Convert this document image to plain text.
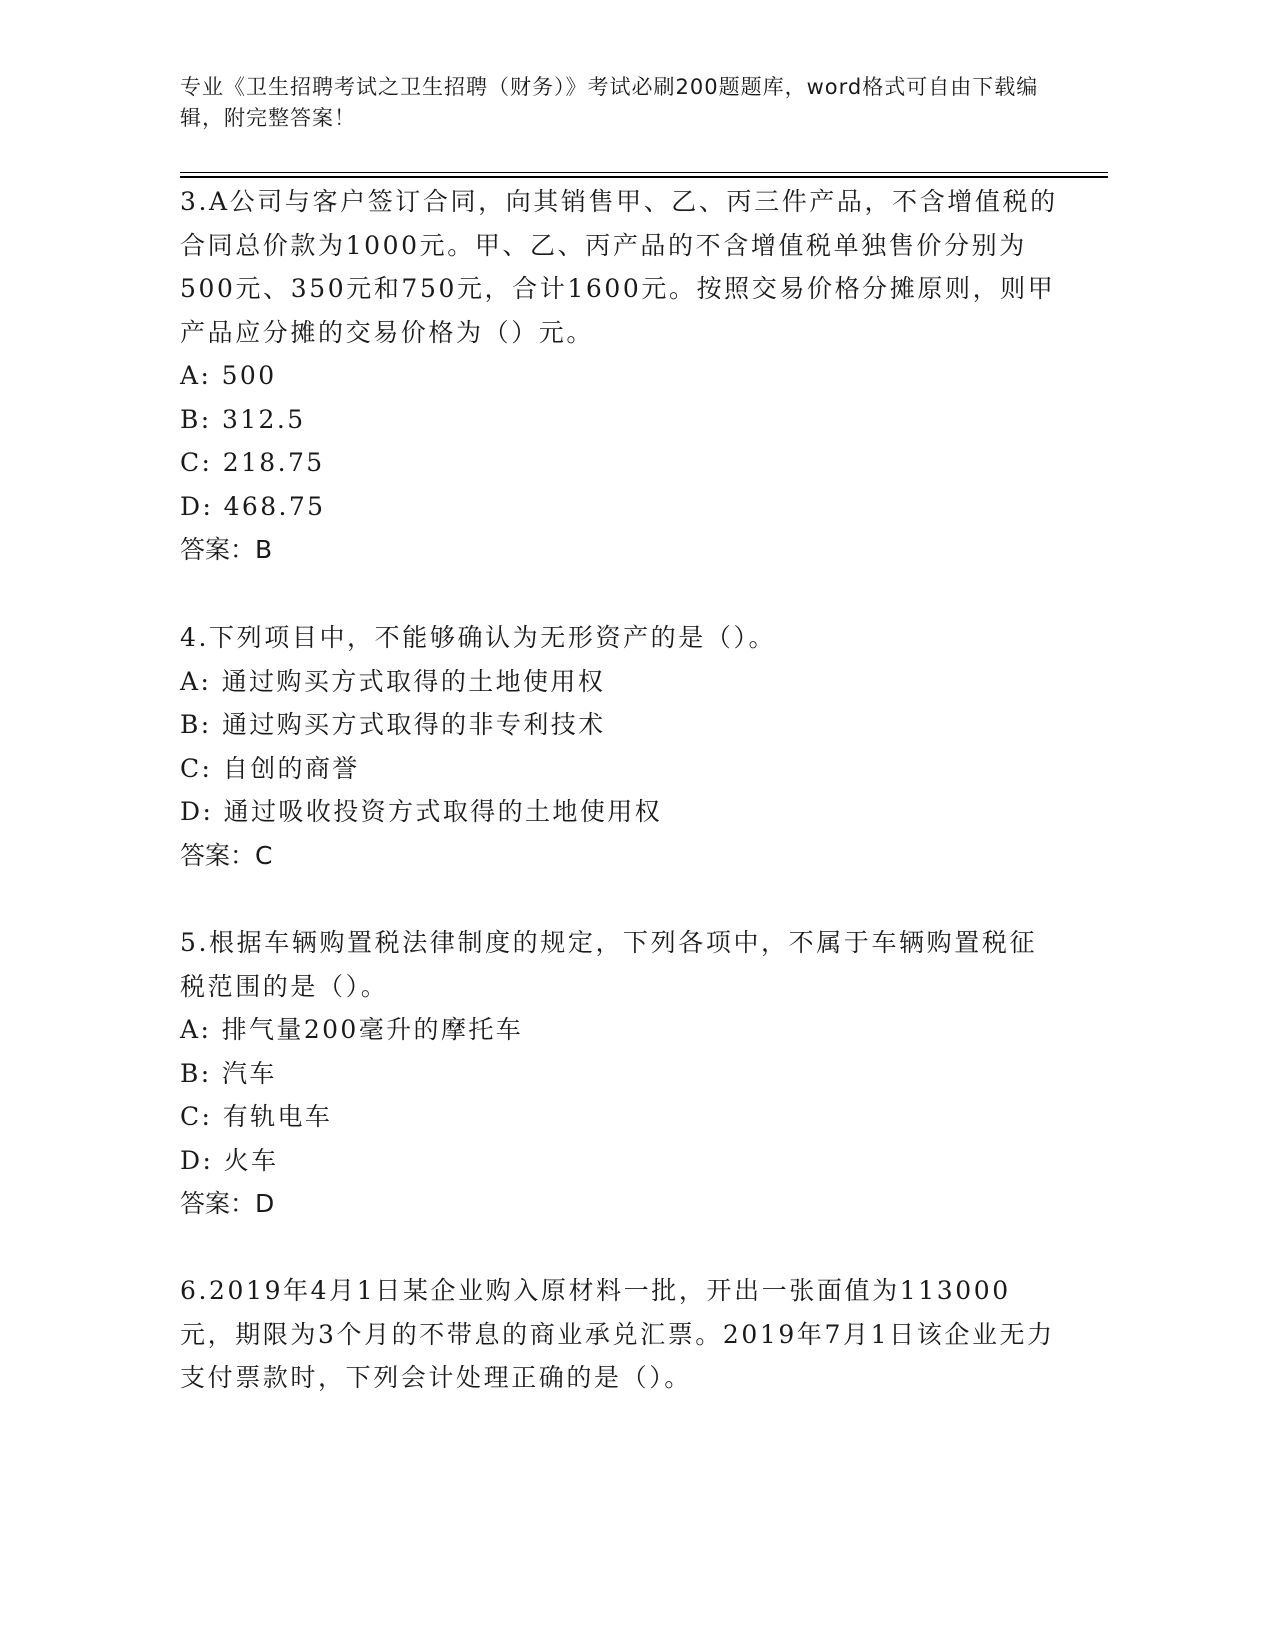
专业《卫生招聘考试之卫生招聘（财务）》考试必刷200题题库，word格式可自由下载编辑，附完整答案！
3.A公司与客户签订合同，向其销售甲、乙、丙三件产品，不含增值税的合同总价款为1000元。甲、乙、丙产品的不含增值税单独售价分别为500元、350元和750元，合计1600元。按照交易价格分摊原则，则甲产品应分摊的交易价格为（）元。
A: 500
B: 312.5
C: 218.75
D: 468.75
答案：B
4.下列项目中，不能够确认为无形资产的是（）。
A: 通过购买方式取得的土地使用权
B: 通过购买方式取得的非专利技术
C: 自创的商誉
D: 通过吸收投资方式取得的土地使用权
答案：C
5.根据车辆购置税法律制度的规定，下列各项中，不属于车辆购置税征税范围的是（）。
A: 排气量200毫升的摩托车
B: 汽车
C: 有轨电车
D: 火车
答案：D
6.2019年4月1日某企业购入原材料一批，开出一张面值为113000元，期限为3个月的不带息的商业承兑汇票。2019年7月1日该企业无力支付票款时，下列会计处理正确的是（）。
